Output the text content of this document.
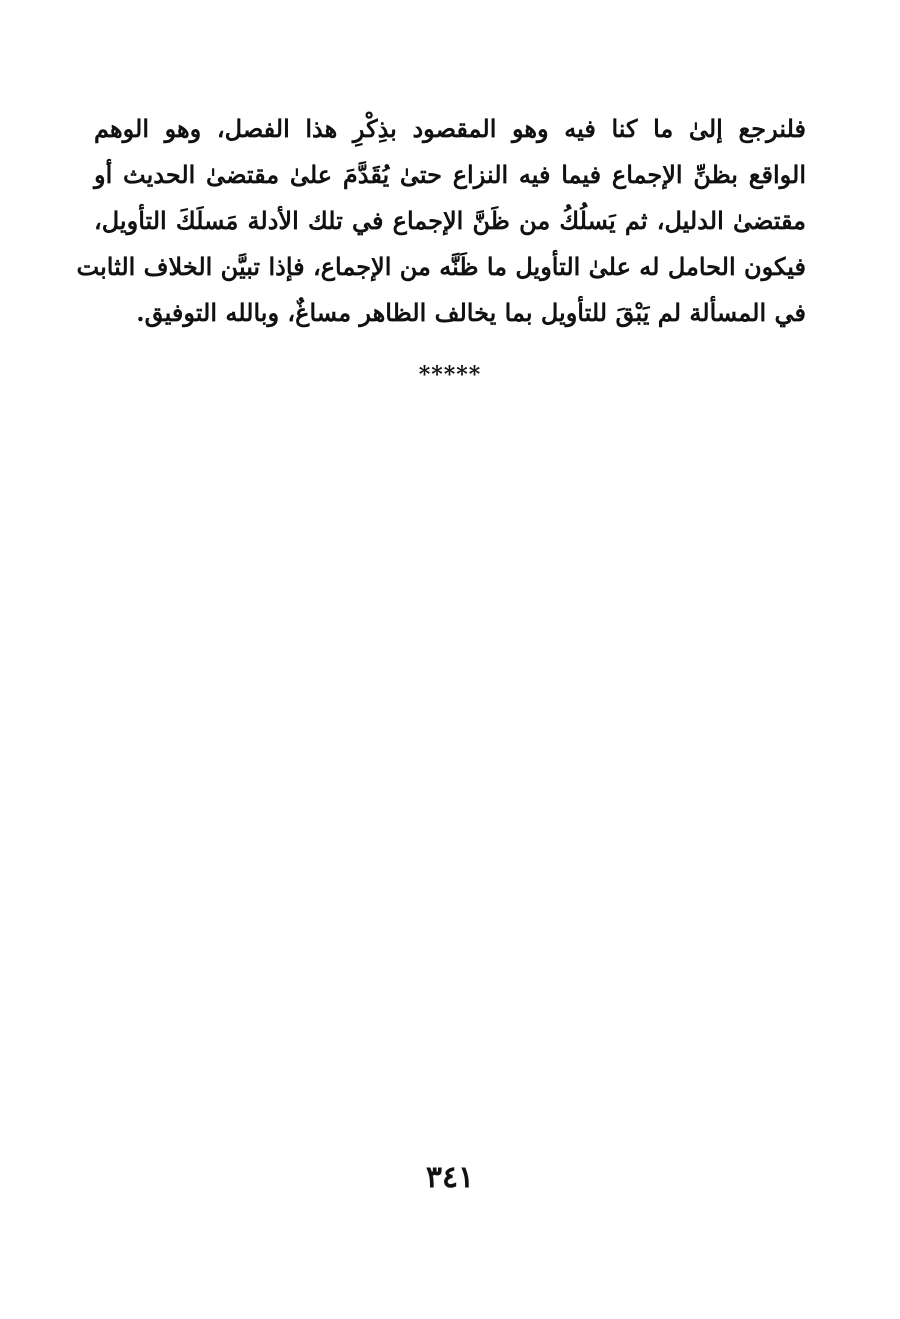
فلنرجع إلىٰ ما كنا فيه وهو المقصود بذِكْرِ هذا الفصل، وهو الوهم
الواقع بظنِّ الإجماع فيما فيه النزاع حتىٰ يُقَدَّمَ علىٰ مقتضىٰ الحديث أو
مقتضىٰ الدليل، ثم يَسلُكُ من ظَنَّ الإجماع في تلك الأدلة مَسلَكَ التأويل،
فيكون الحامل له علىٰ التأويل ما ظَنَّه من الإجماع، فإذا تبيَّن الخلاف الثابت
في المسألة لم يَبْقَ للتأويل بما يخالف الظاهر مساغٌ، وبالله التوفيق.
*****
٣٤١
